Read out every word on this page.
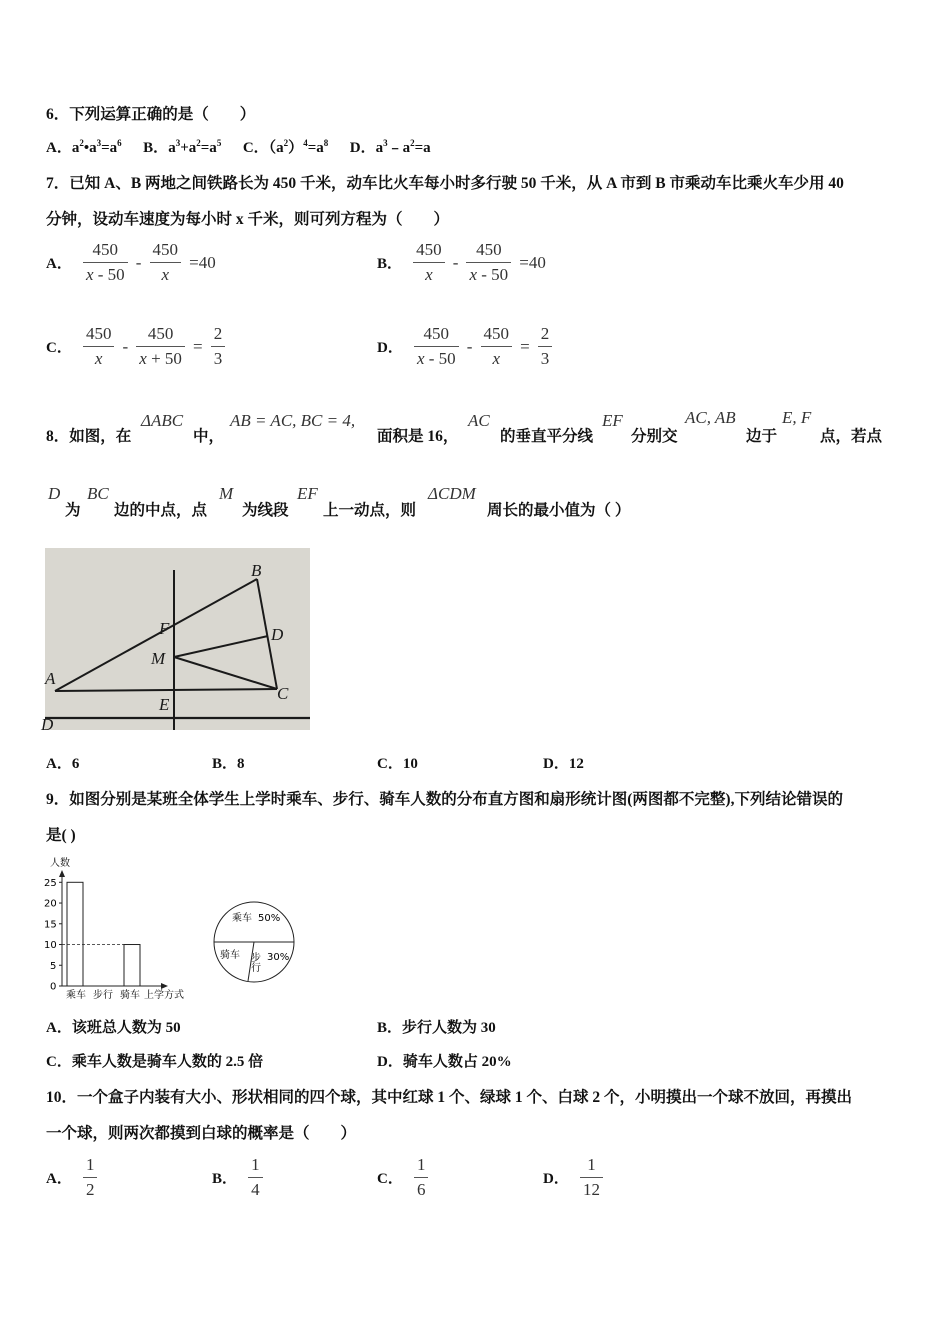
6．下列运算正确的是（　　）
A．$a^2•a^3=a^6$ B．$a^3+a^2=a^5$ C．$(a^2)^4=a^8$ D．$a^3﹣a^2=a$
7．已知 A、B 两地之间铁路长为 450 千米，动车比火车每小时多行驶 50 千米，从 A 市到 B 市乘动车比乘火车少用 40
分钟，设动车速度为每小时 x 千米，则可列方程为（　　）
A． $\frac{450}{x - 50} - \frac{450}{x} =40$	B． $\frac{450}{x} - \frac{450}{x - 50} =40$
C． $\frac{450}{x} - \frac{450}{x + 50} = \frac{2}{3}$	D． $\frac{450}{x - 50} - \frac{450}{x} = \frac{2}{3}$
8．如图，在
ΔABC
中，
AB = AC, BC = 4,
面积是 16，
AC
的垂直平分线
EF
分别交
AC, AB
边于
E, F
点，若点
D
为
BC
边的中点，点
M
为线段
EF
上一动点，则
ΔCDM
周长的最小值为（ ）
A
B
C
D
E
F
M
D
A．6	B．8	C．10	D．12
9．如图分别是某班全体学生上学时乘车、步行、骑车人数的分布直方图和扇形统计图(两图都不完整),下列结论错误的
是( )
人数
0
5
10
15
20
25
乘车 步行 骑车 上学方式
乘车 50%
骑车 步行 30%
A．该班总人数为 50	B．步行人数为 30
C．乘车人数是骑车人数的 2.5 倍	D．骑车人数占 20%
10．一个盒子内装有大小、形状相同的四个球，其中红球 1 个、绿球 1 个、白球 2 个，小明摸出一个球不放回，再摸出
一个球，则两次都摸到白球的概率是（　　）
A． $\frac{1}{2}$	B． $\frac{1}{4}$	C． $\frac{1}{6}$	D． $\frac{1}{12}$
